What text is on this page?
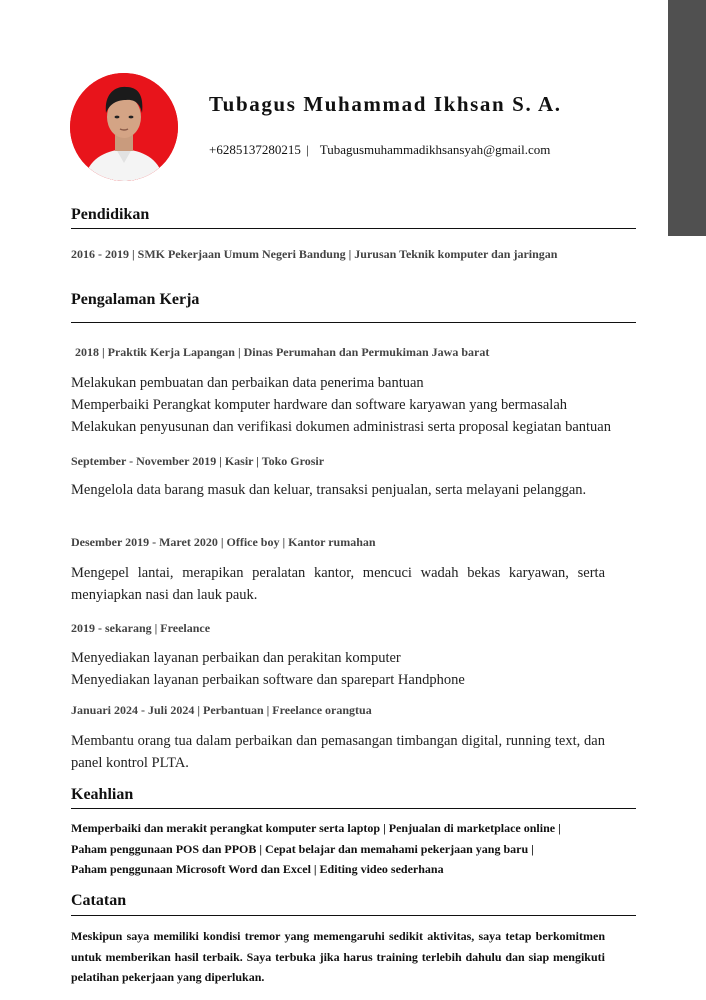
Tubagus Muhammad Ikhsan S. A.
+6285137280215 | Tubagusmuhammadikhsansyah@gmail.com
Pendidikan
2016 - 2019 | SMK Pekerjaan Umum Negeri Bandung | Jurusan Teknik komputer dan jaringan
Pengalaman Kerja
2018 | Praktik Kerja Lapangan | Dinas Perumahan dan Permukiman Jawa barat
Melakukan pembuatan dan perbaikan data penerima bantuan
Memperbaiki Perangkat komputer hardware dan software karyawan yang bermasalah
Melakukan penyusunan dan verifikasi dokumen administrasi serta proposal kegiatan bantuan
September - November 2019 | Kasir | Toko Grosir
Mengelola data barang masuk dan keluar, transaksi penjualan, serta melayani pelanggan.
Desember 2019 - Maret 2020 | Office boy | Kantor rumahan
Mengepel lantai, merapikan peralatan kantor, mencuci wadah bekas karyawan, serta menyiapkan nasi dan lauk pauk.
2019 - sekarang | Freelance
Menyediakan layanan perbaikan dan perakitan komputer
Menyediakan layanan perbaikan software dan sparepart Handphone
Januari 2024 - Juli 2024 | Perbantuan | Freelance orangtua
Membantu orang tua dalam perbaikan dan pemasangan timbangan digital, running text, dan panel kontrol PLTA.
Keahlian
Memperbaiki dan merakit perangkat komputer serta laptop | Penjualan di marketplace online |
Paham penggunaan POS dan PPOB | Cepat belajar dan memahami pekerjaan yang baru |
Paham penggunaan Microsoft Word dan Excel | Editing video sederhana
Catatan
Meskipun saya memiliki kondisi tremor yang memengaruhi sedikit aktivitas, saya tetap berkomitmen untuk memberikan hasil terbaik. Saya terbuka jika harus training terlebih dahulu dan siap mengikuti pelatihan pekerjaan yang diperlukan.
